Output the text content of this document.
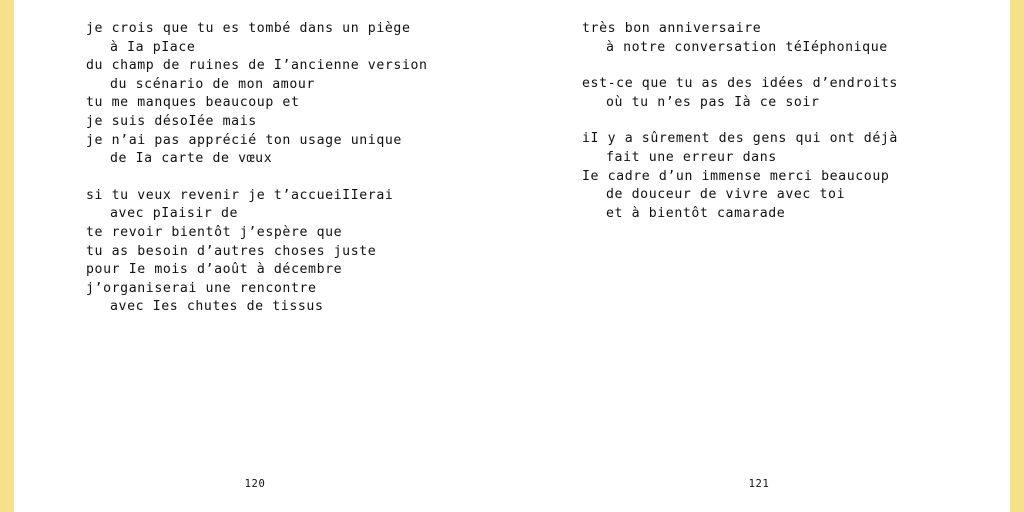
je crois que tu es tombé dans un piège
à Ia pIace
du champ de ruines de I’ancienne version
du scénario de mon amour
tu me manques beaucoup et
je suis désoIée mais
je n’ai pas apprécié ton usage unique
de Ia carte de vœux
si tu veux revenir je t’accueiIIerai
avec pIaisir de
te revoir bientôt j’espère que
tu as besoin d’autres choses juste
pour Ie mois d’août à décembre
j’organiserai une rencontre
avec Ies chutes de tissus
120
très bon anniversaire
à notre conversation téIéphonique
est-ce que tu as des idées d’endroits
où tu n’es pas Ià ce soir
iI y a sûrement des gens qui ont déjà
fait une erreur dans
Ie cadre d’un immense merci beaucoup
de douceur de vivre avec toi
et à bientôt camarade
121
